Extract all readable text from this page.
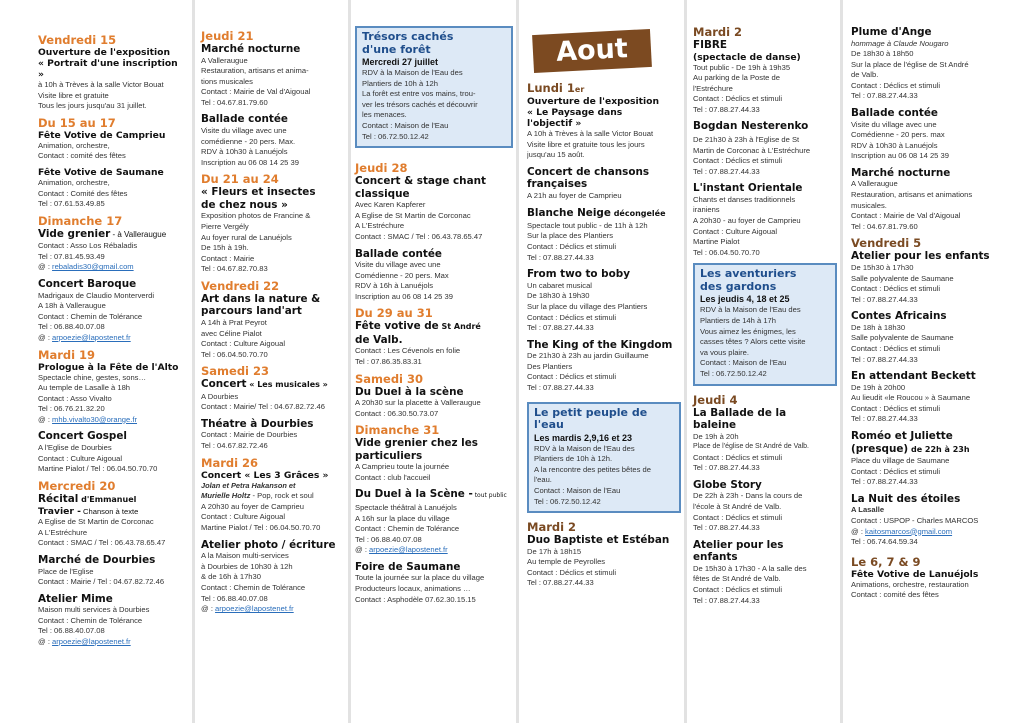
Vendredi 15
Ouverture de l'exposition
« Portrait d'une inscription »
à 10h à Trèves à la salle Victor Bouat
Visite libre et gratuite
Tous les jours jusqu'au 31 juillet.
Du 15 au 17
Fête Votive de Camprieu
Animation, orchestre,
Contact : comité des fêtes
Fête Votive de Saumane
Animation, orchestre,
Contact : Comité des fêtes
Tel : 07.61.53.49.85
Dimanche 17
Vide grenier - à Valleraugue
Contact : Asso Los Rébaladis
Tel : 07.81.45.93.49
@ : rebaladis30@gmail.com
Concert Baroque
Madrigaux de Claudio Monterverdi
A 18h à Valleraugue
Contact : Chemin de Tolérance
Tel : 06.88.40.07.08
@ : arpoezie@lapostenet.fr
Mardi 19
Prologue à la Fête de l'Alto
Spectacle chine, gestes, sons…
Au temple de Lasalle à 18h
Contact : Asso Vivalto
Tel : 06.76.21.32.20
@ : mhb.vivalto30@orange.fr
Concert Gospel
A l'Eglise de Dourbies
Contact : Culture Aigoual
Martine Pialot / Tel : 06.04.50.70.70
Mercredi 20
Récital d'Emmanuel
Travier - Chanson à texte
A Eglise de St Martin de Corconac
A L'Estréchure
Contact : SMAC / Tel : 06.43.78.65.47
Marché de Dourbies
Place de l'Eglise
Contact : Mairie / Tel : 04.67.82.72.46
Atelier Mime
Maison multi services à Dourbies
Contact : Chemin de Tolérance
Tel : 06.88.40.07.08
@ : arpoezie@lapostenet.fr
Jeudi 21
Marché nocturne
A Valleraugue
Restauration, artisans et anima-
tions musicales
Contact : Mairie de Val d'Aigoual
Tel : 04.67.81.79.60
Ballade contée
Visite du village avec une
comédienne - 20 pers. Max.
RDV à 10h30 à Lanuéjols
Inscription au 06 08 14 25 39
Du 21 au 24
« Fleurs et insectes
de chez nous »
Exposition photos de Francine &
Pierre Vergély
Au foyer rural de Lanuéjols
De 15h à 19h.
Contact : Mairie
Tel : 04.67.82.70.83
Vendredi 22
Art dans la nature &
parcours land'art
A 14h à Prat Peyrot
avec Céline Pialot
Contact : Culture Aigoual
Tel : 06.04.50.70.70
Samedi 23
Concert « Les musicales »
A Dourbies
Contact : Mairie/ Tel : 04.67.82.72.46
Théatre à Dourbies
Contact : Mairie de Dourbies
Tel : 04.67.82.72.46
Mardi 26
Concert « Les 3 Grâces »
Jolan et Petra Hakanson et
Murielle Holtz - Pop, rock et soul
A 20h30 au foyer de Camprieu
Contact : Culture Aigoual
Martine Pialot / Tel : 06.04.50.70.70
Atelier photo / écriture
A la Maison multi-services
à Dourbies de 10h30 à 12h
& de 16h à 17h30
Contact : Chemin de Tolérance
Tel : 06.88.40.07.08
@ : arpoezie@lapostenet.fr
Trésors cachés
d'une forêt
Mercredi 27 juillet
RDV à la Maison de l'Eau des
Plantiers de 10h à 12h
La forêt est entre vos mains, trou-
ver les trésors cachés et découvrir
les menaces.
Contact : Maison de l'Eau
Tel : 06.72.50.12.42
Jeudi 28
Concert & stage chant
classique
Avec Karen Kapferer
A Eglise de St Martin de Corconac
A L'Estréchure
Contact : SMAC / Tel : 06.43.78.65.47
Ballade contée
Visite du village avec une
Comédienne - 20 pers. Max
RDV à 16h à Lanuéjols
Inscription au 06 08 14 25 39
Du 29 au 31
Fête votive de St André
de Valb.
Contact : Les Cévenols en folie
Tel : 07.86.35.83.31
Samedi 30
Du Duel à la scène
A 20h30 sur la placette à Valleraugue
Contact : 06.30.50.73.07
Dimanche 31
Vide grenier chez les
particuliers
A Camprieu toute la journée
Contact : club l'accueil
Du Duel à la Scène - tout public
Spectacle théâtral à Lanuéjols
A 16h sur la place du village
Contact : Chemin de Tolérance
Tel : 06.88.40.07.08
@ : arpoezie@lapostenet.fr
Foire de Saumane
Toute la journée sur la place du village
Producteurs locaux, animations …
Contact : Asphodèle 07.62.30.15.15
Aout
Lundi 1er
Ouverture de l'exposition
« Le Paysage dans
l'objectif »
A 10h à Trèves à la salle Victor Bouat
Visite libre et gratuite tous les jours
jusqu'au 15 août.
Concert de chansons
françaises
A 21h au foyer de Camprieu
Blanche Neige décongelée
Spectacle tout public - de 11h à 12h
Sur la place des Plantiers
Contact : Déclics et stimuli
Tel : 07.88.27.44.33
From two to boby
Un cabaret musical
De 18h30 à 19h30
Sur la place du village des Plantiers
Contact : Déclics et stimuli
Tel : 07.88.27.44.33
The King of the Kingdom
De 21h30 à 23h au jardin Guillaume
Des Plantiers
Contact : Déclics et stimuli
Tel : 07.88.27.44.33
Le petit peuple de
l'eau
Les mardis 2,9,16 et 23
RDV à la Maison de l'Eau des
Plantiers de 10h à 12h.
A la rencontre des petites bêtes de
l'eau.
Contact : Maison de l'Eau
Tel : 06.72.50.12.42
Mardi 2
Duo Baptiste et Estéban
De 17h à 18h15
Au temple de Peyrolles
Contact : Déclics et stimuli
Tel : 07.88.27.44.33
Mardi 2
FIBRE
(spectacle de danse)
Tout public - De 19h à 19h35
Au parking de la Poste de
l'Estréchure
Contact : Déclics et stimuli
Tel : 07.88.27.44.33
Bogdan Nesterenko
De 21h30 à 23h à l'Eglise de St
Martin de Corconac à L'Estréchure
Contact : Déclics et stimuli
Tel : 07.88.27.44.33
L'instant Orientale
Chants et danses traditionnels
iraniens
A 20h30 - au foyer de Camprieu
Contact : Culture Aigoual
Martine Pialot
Tel : 06.04.50.70.70
Les aventuriers
des gardons
Les jeudis 4, 18 et 25
RDV à la Maison de l'Eau des
Plantiers de 14h à 17h
Vous aimez les énigmes, les
casses têtes ? Alors cette visite
va vous plaire.
Contact : Maison de l'Eau
Tel : 06.72.50.12.42
Jeudi 4
La Ballade de la
baleine
De 19h à 20h
Place de l'église de St André de Valb.
Contact : Déclics et stimuli
Tel : 07.88.27.44.33
Globe Story
De 22h à 23h - Dans la cours de
l'école à St André de Valb.
Contact : Déclics et stimuli
Tel : 07.88.27.44.33
Atelier pour les
enfants
De 15h30 à 17h30 - A la salle des
fêtes de St André de Valb.
Contact : Déclics et stimuli
Tel : 07.88.27.44.33
Plume d'Ange
hommage à Claude Nougaro
De 18h30 à 18h50
Sur la place de l'église de St André
de Valb.
Contact : Déclics et stimuli
Tel : 07.88.27.44.33
Ballade contée
Visite du village avec une
Comédienne - 20 pers. max
RDV à 10h30 à Lanuéjols
Inscription au 06 08 14 25 39
Marché nocturne
A Valleraugue
Restauration, artisans et animations
musicales.
Contact : Mairie de Val d'Aigoual
Tel : 04.67.81.79.60
Vendredi 5
Atelier pour les enfants
De 15h30 à 17h30
Salle polyvalente de Saumane
Contact : Déclics et stimuli
Tel : 07.88.27.44.33
Contes Africains
De 18h à 18h30
Salle polyvalente de Saumane
Contact : Déclics et stimuli
Tel : 07.88.27.44.33
En attendant Beckett
De 19h à 20h00
Au lieudit «le Roucou » à Saumane
Contact : Déclics et stimuli
Tel : 07.88.27.44.33
Roméo et Juliette
(presque) de 22h à 23h
Place du village de Saumane
Contact : Déclics et stimuli
Tel : 07.88.27.44.33
La Nuit des étoiles
A Lasalle
Contact : USPOP - Charles MARCOS
@ : kaitosmarcos@gmail.com
Tel : 06.74.64.59.34
Le 6, 7 & 9
Fête Votive de Lanuéjols
Animations, orchestre, restauration
Contact : comité des fêtes
